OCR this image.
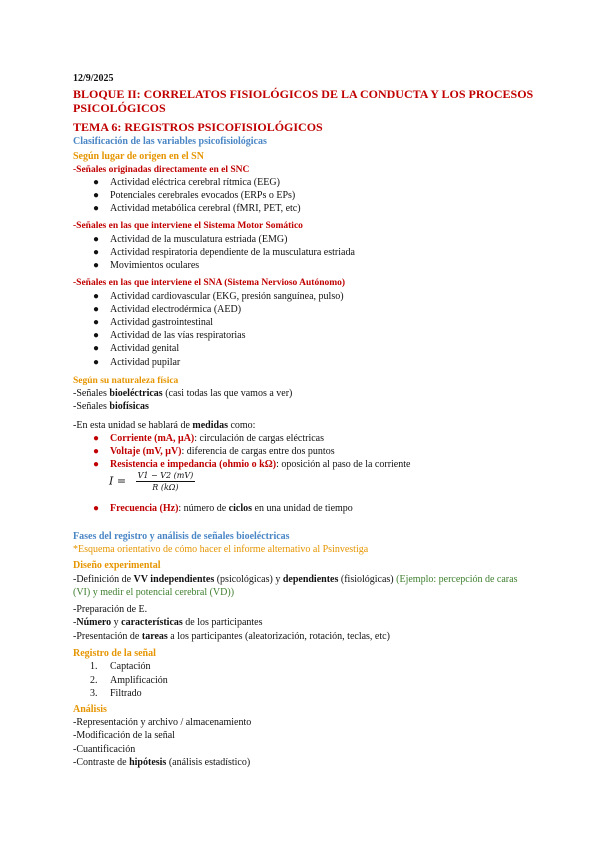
12/9/2025
BLOQUE II: CORRELATOS FISIOLÓGICOS DE LA CONDUCTA Y LOS PROCESOS
PSICOLÓGICOS
TEMA 6: REGISTROS PSICOFISIOLÓGICOS
Clasificación de las variables psicofisiológicas
Según lugar de origen en el SN
-Señales originadas directamente en el SNC
● Actividad eléctrica cerebral rítmica (EEG)
● Potenciales cerebrales evocados (ERPs o EPs)
● Actividad metabólica cerebral (fMRI, PET, etc)
-Señales en las que interviene el Sistema Motor Somático
● Actividad de la musculatura estriada (EMG)
● Actividad respiratoria dependiente de la musculatura estriada
● Movimientos oculares
-Señales en las que interviene el SNA (Sistema Nervioso Autónomo)
● Actividad cardiovascular (EKG, presión sanguínea, pulso)
● Actividad electrodérmica (AED)
● Actividad gastrointestinal
● Actividad de las vías respiratorias
● Actividad genital
● Actividad pupilar
Según su naturaleza física
-Señales bioeléctricas (casi todas las que vamos a ver)
-Señales biofísicas
-En esta unidad se hablará de medidas como:
● Corriente (mA, μA): circulación de cargas eléctricas
● Voltaje (mV, μV): diferencia de cargas entre dos puntos
● Resistencia e impedancia (ohmio o kΩ): oposición al paso de la corriente
$I = \frac{V1 - V2 (mV)}{R (k\Omega)}$
● Frecuencia (Hz): número de ciclos en una unidad de tiempo
Fases del registro y análisis de señales bioeléctricas
*Esquema orientativo de cómo hacer el informe alternativo al Psinvestiga
Diseño experimental
-Definición de VV independientes (psicológicas) y dependientes (fisiológicas) (Ejemplo: percepción de caras
(VI) y medir el potencial cerebral (VD))
-Preparación de E.
-Número y características de los participantes
-Presentación de tareas a los participantes (aleatorización, rotación, teclas, etc)
Registro de la señal
1. Captación
2. Amplificación
3. Filtrado
Análisis
-Representación y archivo / almacenamiento
-Modificación de la señal
-Cuantificación
-Contraste de hipótesis (análisis estadístico)
